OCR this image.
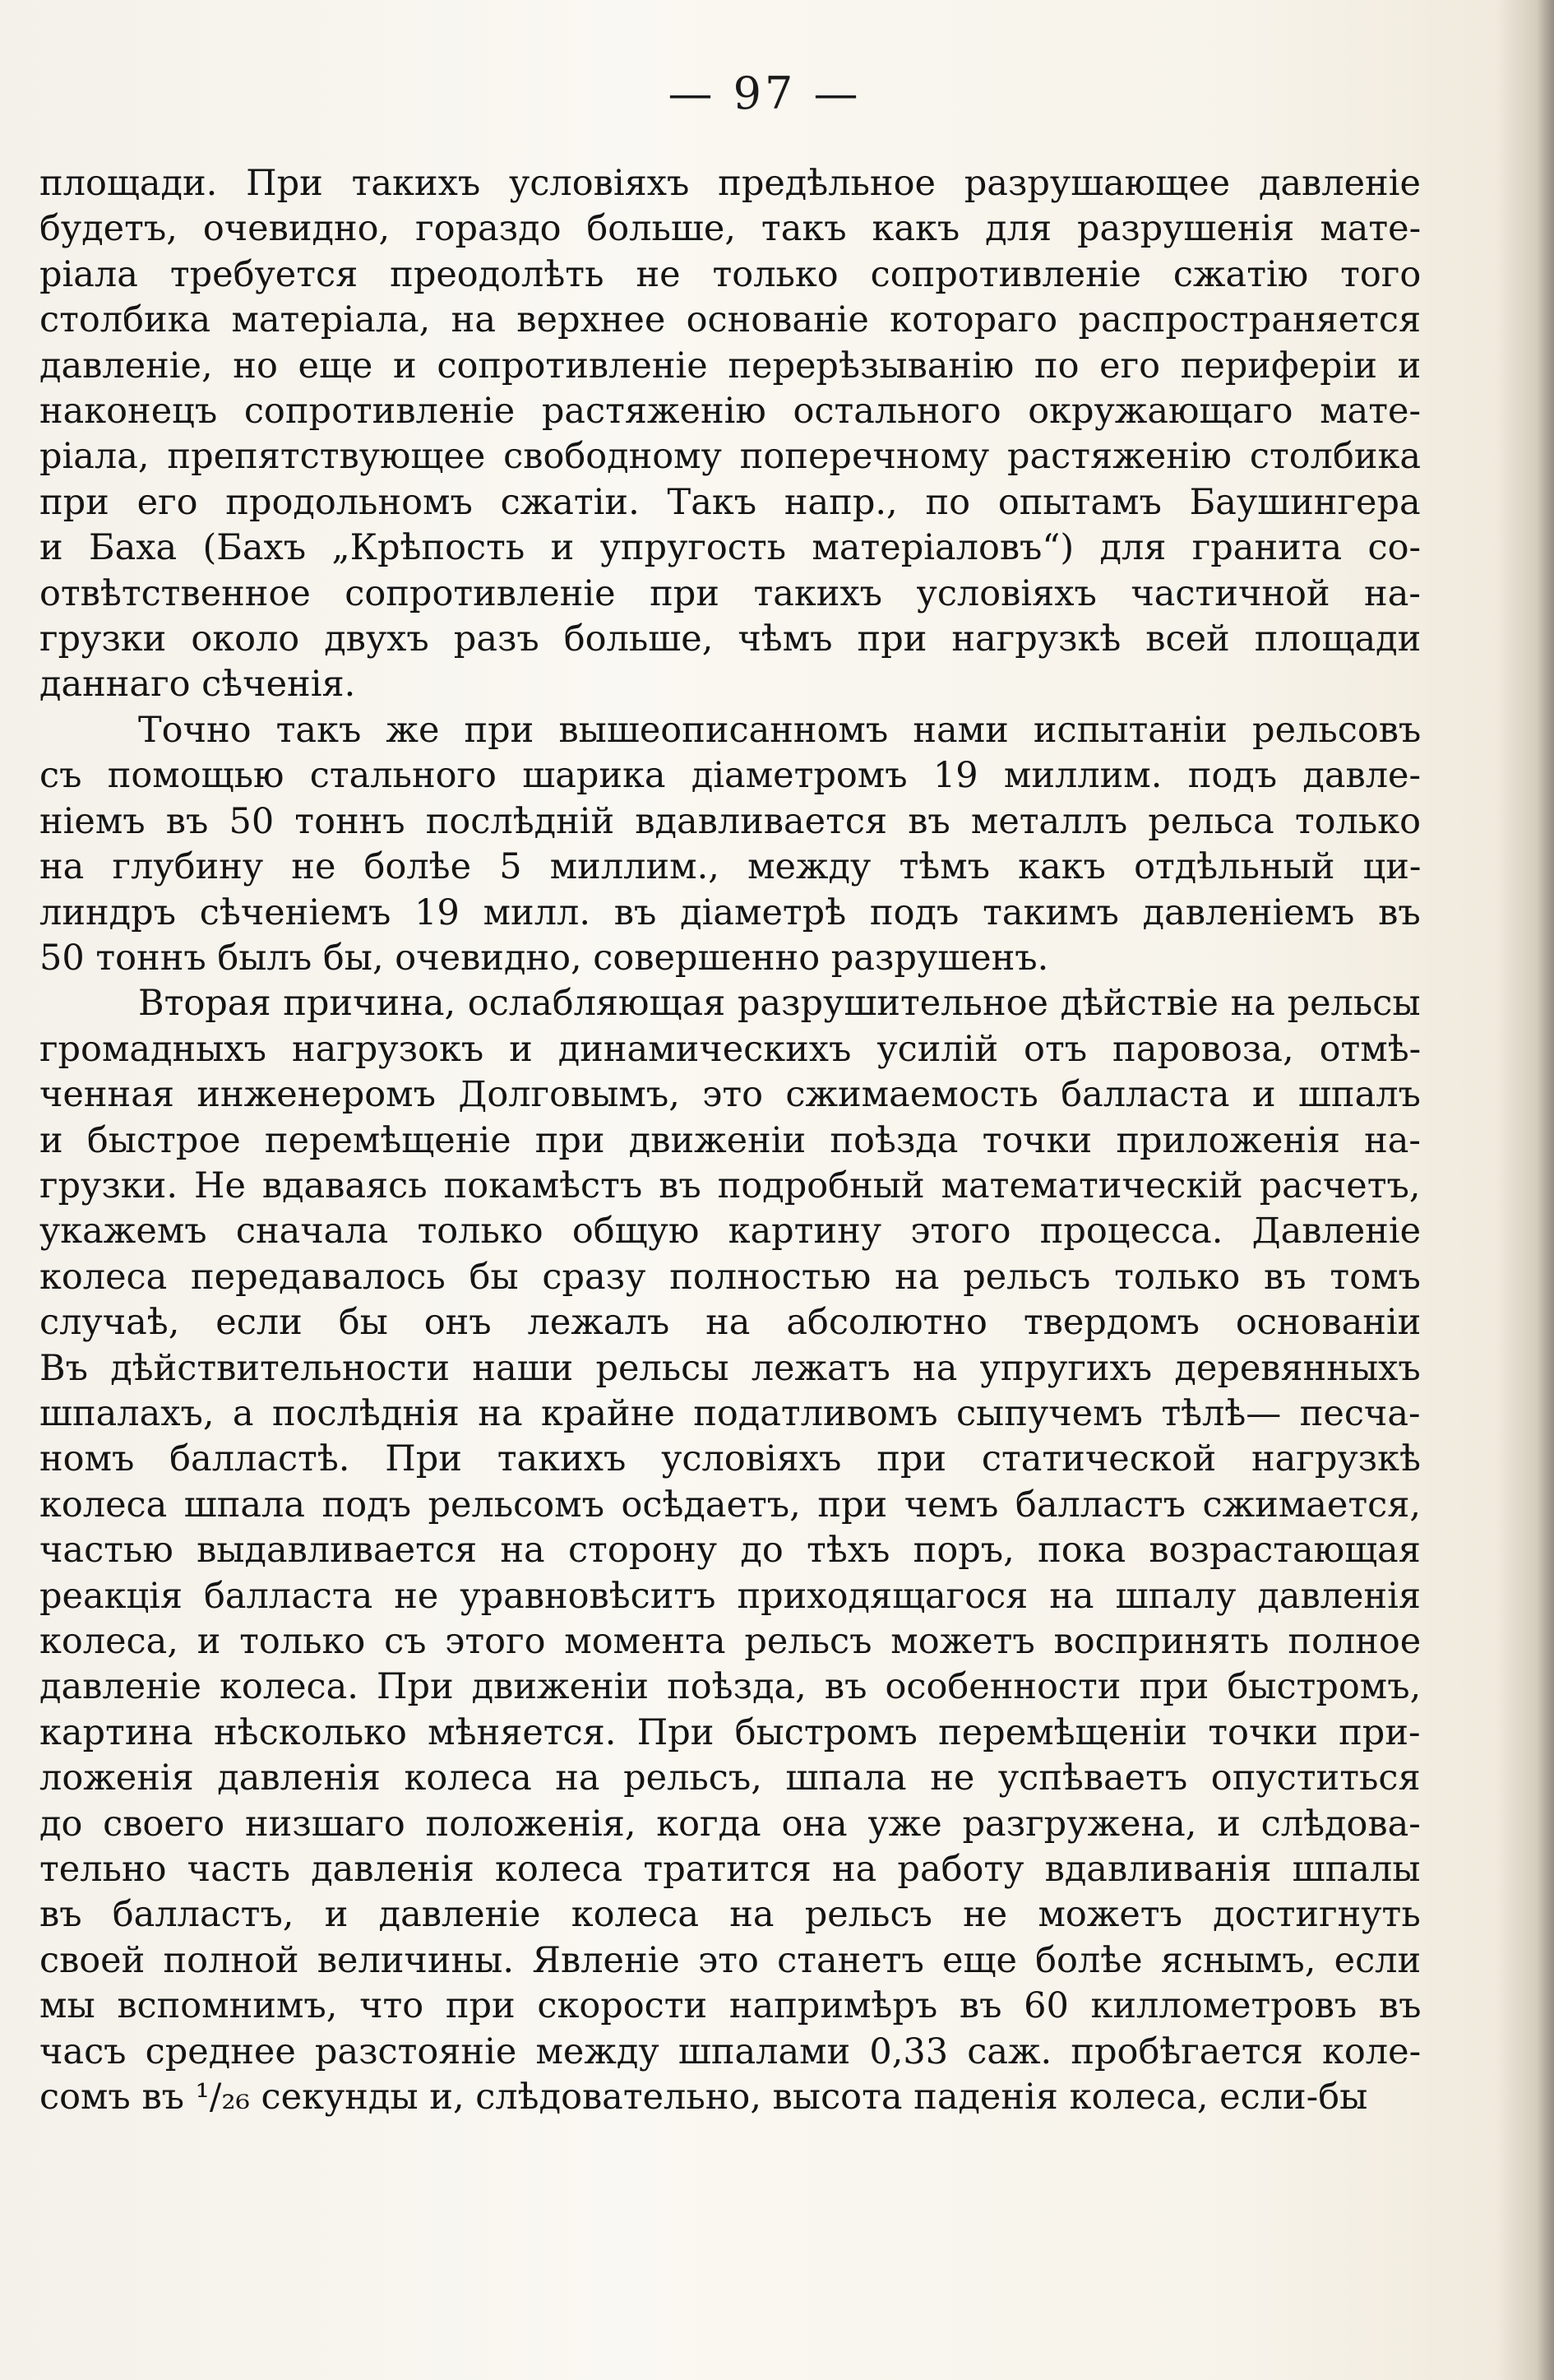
— 97 —
площади. При такихъ условіяхъ предѣльное разрушающее давленіе
будетъ, очевидно, гораздо больше, такъ какъ для разрушенія мате-
ріала требуется преодолѣть не только сопротивленіе сжатію того
столбика матеріала, на верхнее основаніе котораго распространяется
давленіе, но еще и сопротивленіе перерѣзыванію по его периферіи и
наконецъ сопротивленіе растяженію остального окружающаго мате-
ріала, препятствующее свободному поперечному растяженію столбика
при его продольномъ сжатіи. Такъ напр., по опытамъ Баушингера
и Баха (Бахъ „Крѣпость и упругость матеріаловъ“) для гранита со-
отвѣтственное сопротивленіе при такихъ условіяхъ частичной на-
грузки около двухъ разъ больше, чѣмъ при нагрузкѣ всей площади
даннаго сѣченія.
Точно такъ же при вышеописанномъ нами испытаніи рельсовъ
съ помощью стального шарика діаметромъ 19 миллим. подъ давле-
ніемъ въ 50 тоннъ послѣдній вдавливается въ металлъ рельса только
на глубину не болѣе 5 миллим., между тѣмъ какъ отдѣльный ци-
линдръ сѣченіемъ 19 милл. въ діаметрѣ подъ такимъ давленіемъ въ
50 тоннъ былъ бы, очевидно, совершенно разрушенъ.
Вторая причина, ослабляющая разрушительное дѣйствіе на рельсы
громадныхъ нагрузокъ и динамическихъ усилій отъ паровоза, отмѣ-
ченная инженеромъ Долговымъ, это сжимаемость балласта и шпалъ
и быстрое перемѣщеніе при движеніи поѣзда точки приложенія на-
грузки. Не вдаваясь покамѣстъ въ подробный математическій расчетъ,
укажемъ сначала только общую картину этого процесса. Давленіе
колеса передавалось бы сразу полностью на рельсъ только въ томъ
случаѣ, если бы онъ лежалъ на абсолютно твердомъ основаніи
Въ дѣйствительности наши рельсы лежатъ на упругихъ деревянныхъ
шпалахъ, а послѣднія на крайне податливомъ сыпучемъ тѣлѣ— песча-
номъ балластѣ. При такихъ условіяхъ при статической нагрузкѣ
колеса шпала подъ рельсомъ осѣдаетъ, при чемъ балластъ сжимается,
частью выдавливается на сторону до тѣхъ поръ, пока возрастающая
реакція балласта не уравновѣситъ приходящагося на шпалу давленія
колеса, и только съ этого момента рельсъ можетъ воспринять полное
давленіе колеса. При движеніи поѣзда, въ особенности при быстромъ,
картина нѣсколько мѣняется. При быстромъ перемѣщеніи точки при-
ложенія давленія колеса на рельсъ, шпала не успѣваетъ опуститься
до своего низшаго положенія, когда она уже разгружена, и слѣдова-
тельно часть давленія колеса тратится на работу вдавливанія шпалы
въ балластъ, и давленіе колеса на рельсъ не можетъ достигнуть
своей полной величины. Явленіе это станетъ еще болѣе яснымъ, если
мы вспомнимъ, что при скорости напримѣръ въ 60 киллометровъ въ
часъ среднее разстояніе между шпалами 0,33 саж. пробѣгается коле-
сомъ въ ¹/₂₆ секунды и, слѣдовательно, высота паденія колеса, если-бы
